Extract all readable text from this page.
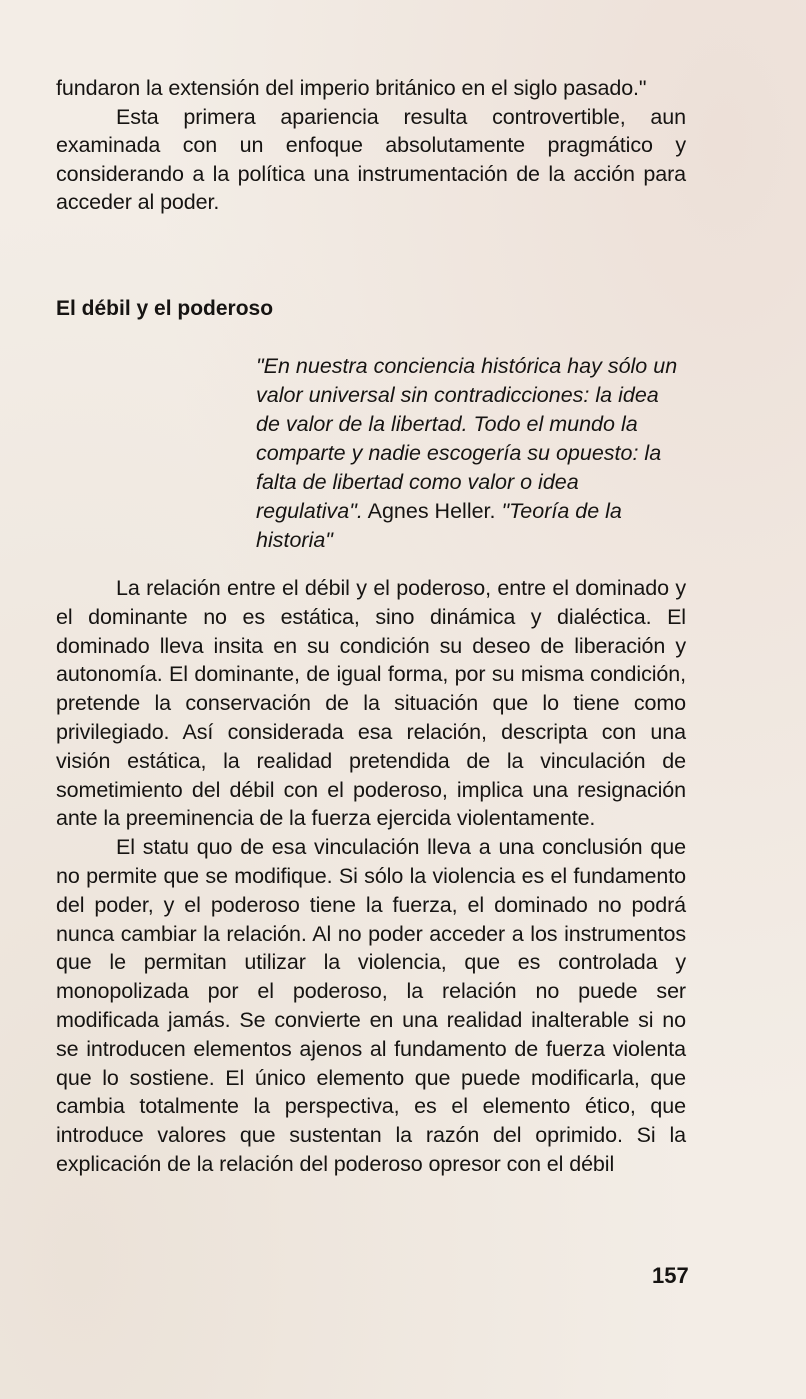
fundaron la extensión del imperio británico en el siglo pasado."

Esta primera apariencia resulta controvertible, aun examinada con un enfoque absolutamente pragmático y considerando a la política una instrumentación de la acción para acceder al poder.

El débil y el poderoso

"En nuestra conciencia histórica hay sólo un valor universal sin contradicciones: la idea de valor de la libertad. Todo el mundo la comparte y nadie escogería su opuesto: la falta de libertad como valor o idea regulativa". Agnes Heller. "Teoría de la historia"

La relación entre el débil y el poderoso, entre el dominado y el dominante no es estática, sino dinámica y dialéctica. El dominado lleva insita en su condición su deseo de liberación y autonomía. El dominante, de igual forma, por su misma condición, pretende la conservación de la situación que lo tiene como privilegiado. Así considerada esa relación, descripta con una visión estática, la realidad pretendida de la vinculación de sometimiento del débil con el poderoso, implica una resignación ante la preeminencia de la fuerza ejercida violentamente.

El statu quo de esa vinculación lleva a una conclusión que no permite que se modifique. Si sólo la violencia es el fundamento del poder, y el poderoso tiene la fuerza, el dominado no podrá nunca cambiar la relación. Al no poder acceder a los instrumentos que le permitan utilizar la violencia, que es controlada y monopolizada por el poderoso, la relación no puede ser modificada jamás. Se convierte en una realidad inalterable si no se introducen elementos ajenos al fundamento de fuerza violenta que lo sostiene. El único elemento que puede modificarla, que cambia totalmente la perspectiva, es el elemento ético, que introduce valores que sustentan la razón del oprimido. Si la explicación de la relación del poderoso opresor con el débil

157
